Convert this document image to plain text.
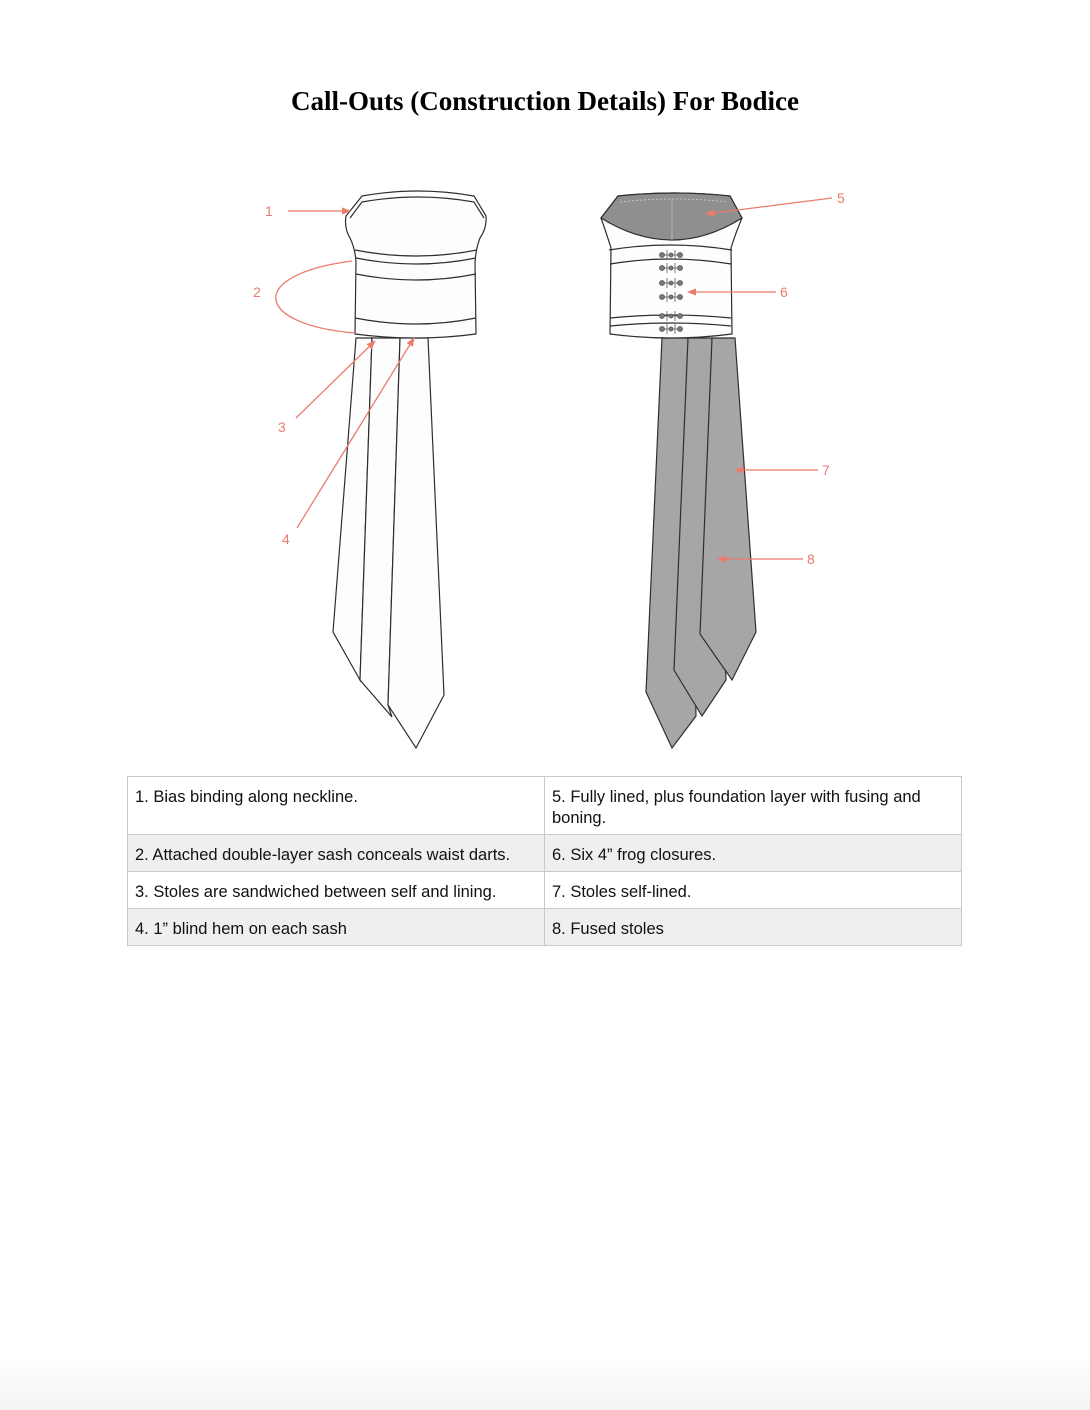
Call-Outs (Construction Details) For Bodice
1
2
3
4
5
6
7
8
1. Bias binding along neckline.	5. Fully lined, plus foundation layer with fusing and boning.
2. Attached double-layer sash conceals waist darts.	6. Six 4” frog closures.
3. Stoles are sandwiched between self and lining.	7. Stoles self-lined.
4. 1” blind hem on each sash	8. Fused stoles
